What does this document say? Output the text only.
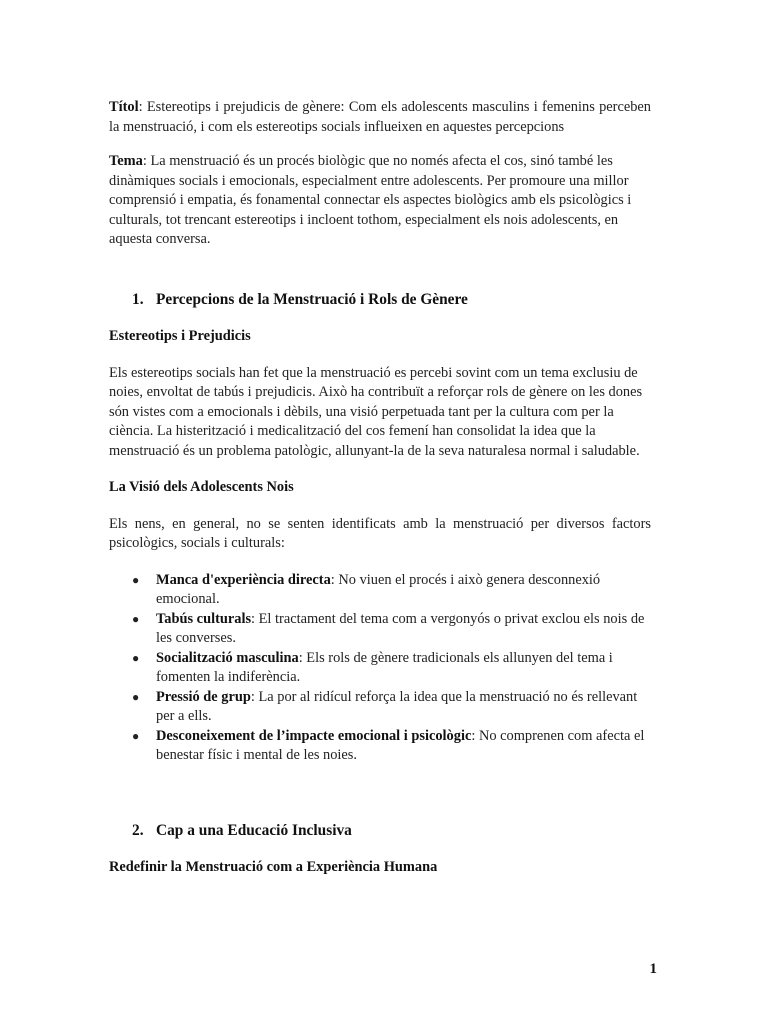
Títol: Estereotips i prejudicis de gènere: Com els adolescents masculins i femenins perceben la menstruació, i com els estereotips socials influeixen en aquestes percepcions

Tema: La menstruació és un procés biològic que no només afecta el cos, sinó també les dinàmiques socials i emocionals, especialment entre adolescents. Per promoure una millor comprensió i empatia, és fonamental connectar els aspectes biològics amb els psicològics i culturals, tot trencant estereotips i incloent tothom, especialment els nois adolescents, en aquesta conversa.

1. Percepcions de la Menstruació i Rols de Gènere

Estereotips i Prejudicis

Els estereotips socials han fet que la menstruació es percebi sovint com un tema exclusiu de noies, envoltat de tabús i prejudicis. Això ha contribuït a reforçar rols de gènere on les dones són vistes com a emocionals i dèbils, una visió perpetuada tant per la cultura com per la ciència. La histerització i medicalització del cos femení han consolidat la idea que la menstruació és un problema patològic, allunyant-la de la seva naturalesa normal i saludable.

La Visió dels Adolescents Nois

Els nens, en general, no se senten identificats amb la menstruació per diversos factors psicològics, socials i culturals:

●	Manca d'experiència directa: No viuen el procés i això genera desconnexió emocional.
●	Tabús culturals: El tractament del tema com a vergonyós o privat exclou els nois de les converses.
●	Socialització masculina: Els rols de gènere tradicionals els allunyen del tema i fomenten la indiferència.
●	Pressió de grup: La por al ridícul reforça la idea que la menstruació no és rellevant per a ells.
●	Desconeixement de l’impacte emocional i psicològic: No comprenen com afecta el benestar físic i mental de les noies.
2. Cap a una Educació Inclusiva

Redefinir la Menstruació com a Experiència Humana

1
